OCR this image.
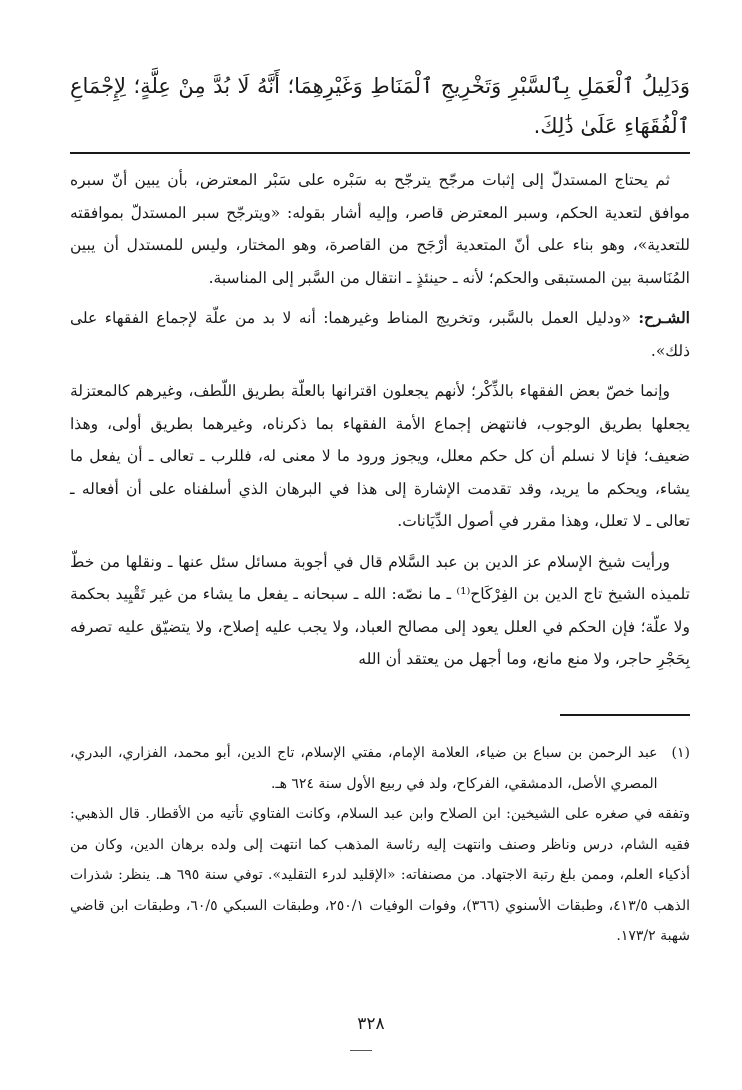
وَدَلِيلُ ٱلْعَمَلِ بِٱلسَّبْرِ وَتَخْرِيجِ ٱلْمَنَاطِ وَغَيْرِهِمَا؛ أَنَّهُ لَا بُدَّ مِنْ عِلَّةٍ؛ لِإِجْمَاعِ ٱلْفُقَهَاءِ عَلَىٰ ذَٰلِكَ.

ثم يحتاج المستدلّ إلى إثبات مرجّح يترجّح به سَبْره على سَبْر المعترض، بأن يبين أنّ سبره موافق لتعدية الحكم، وسبر المعترض قاصر، وإليه أشار بقوله: «ويترجّح سبر المستدلّ بموافقته للتعدية»، وهو بناء على أنّ المتعدية أرْجَح من القاصرة، وهو المختار، وليس للمستدل أن يبين المُنَاسبة بين المستبقى والحكم؛ لأنه ـ حينئذٍ ـ انتقال من السَّبر إلى المناسبة.

الشـرح: «ودليل العمل بالسَّبر، وتخريج المناط وغيرهما: أنه لا بد من علّة لإجماع الفقهاء على ذلك».

وإنما خصّ بعض الفقهاء بالذِّكْر؛ لأنهم يجعلون اقترانها بالعلّة بطريق اللّطف، وغيرهم كالمعتزلة يجعلها بطريق الوجوب، فانتهض إجماع الأمة الفقهاء بما ذكرناه، وغيرهما بطريق أولى، وهذا ضعيف؛ فإنا لا نسلم أن كل حكم معلل، ويجوز ورود ما لا معنى له، فللرب ـ تعالى ـ أن يفعل ما يشاء، ويحكم ما يريد، وقد تقدمت الإشارة إلى هذا في البرهان الذي أسلفناه على أن أفعاله ـ تعالى ـ لا تعلل، وهذا مقرر في أصول الدِّيَانات.

ورأيت شيخ الإسلام عز الدين بن عبد السَّلام قال في أجوبة مسائل سئل عنها ـ ونقلها من خطّ تلميذه الشيخ تاج الدين بن الفِرْكَاح⁽¹⁾ ـ ما نصّه: الله ـ سبحانه ـ يفعل ما يشاء من غير تَقْيِيد بحكمة ولا علّة؛ فإن الحكم في العلل يعود إلى مصالح العباد، ولا يجب عليه إصلاح، ولا يتضيّق عليه تصرفه بِحَجْرِ حاجر، ولا منع مانع، وما أجهل من يعتقد أن الله

(١)
عبد الرحمن بن سباع بن ضياء، العلامة الإمام، مفتي الإسلام، تاج الدين، أبو محمد، الفزاري، البدري، المصري الأصل، الدمشقي، الفركاح، ولد في ربيع الأول سنة ٦٢٤ هـ.

وتفقه في صغره على الشيخين: ابن الصلاح وابن عبد السلام، وكانت الفتاوي تأتيه من الأقطار. قال الذهبي: فقيه الشام، درس وناظر وصنف وانتهت إليه رئاسة المذهب كما انتهت إلى ولده برهان الدين، وكان من أذكياء العلم، وممن بلغ رتبة الاجتهاد. من مصنفاته: «الإقليد لدرء التقليد». توفي سنة ٦٩٥ هـ. ينظر: شذرات الذهب ٤١٣/٥، وطبقات الأسنوي (٣٦٦)، وفوات الوفيات ٢٥٠/١، وطبقات السبكي ٦٠/٥، وطبقات ابن قاضي شهبة ١٧٣/٢.

٣٢٨
